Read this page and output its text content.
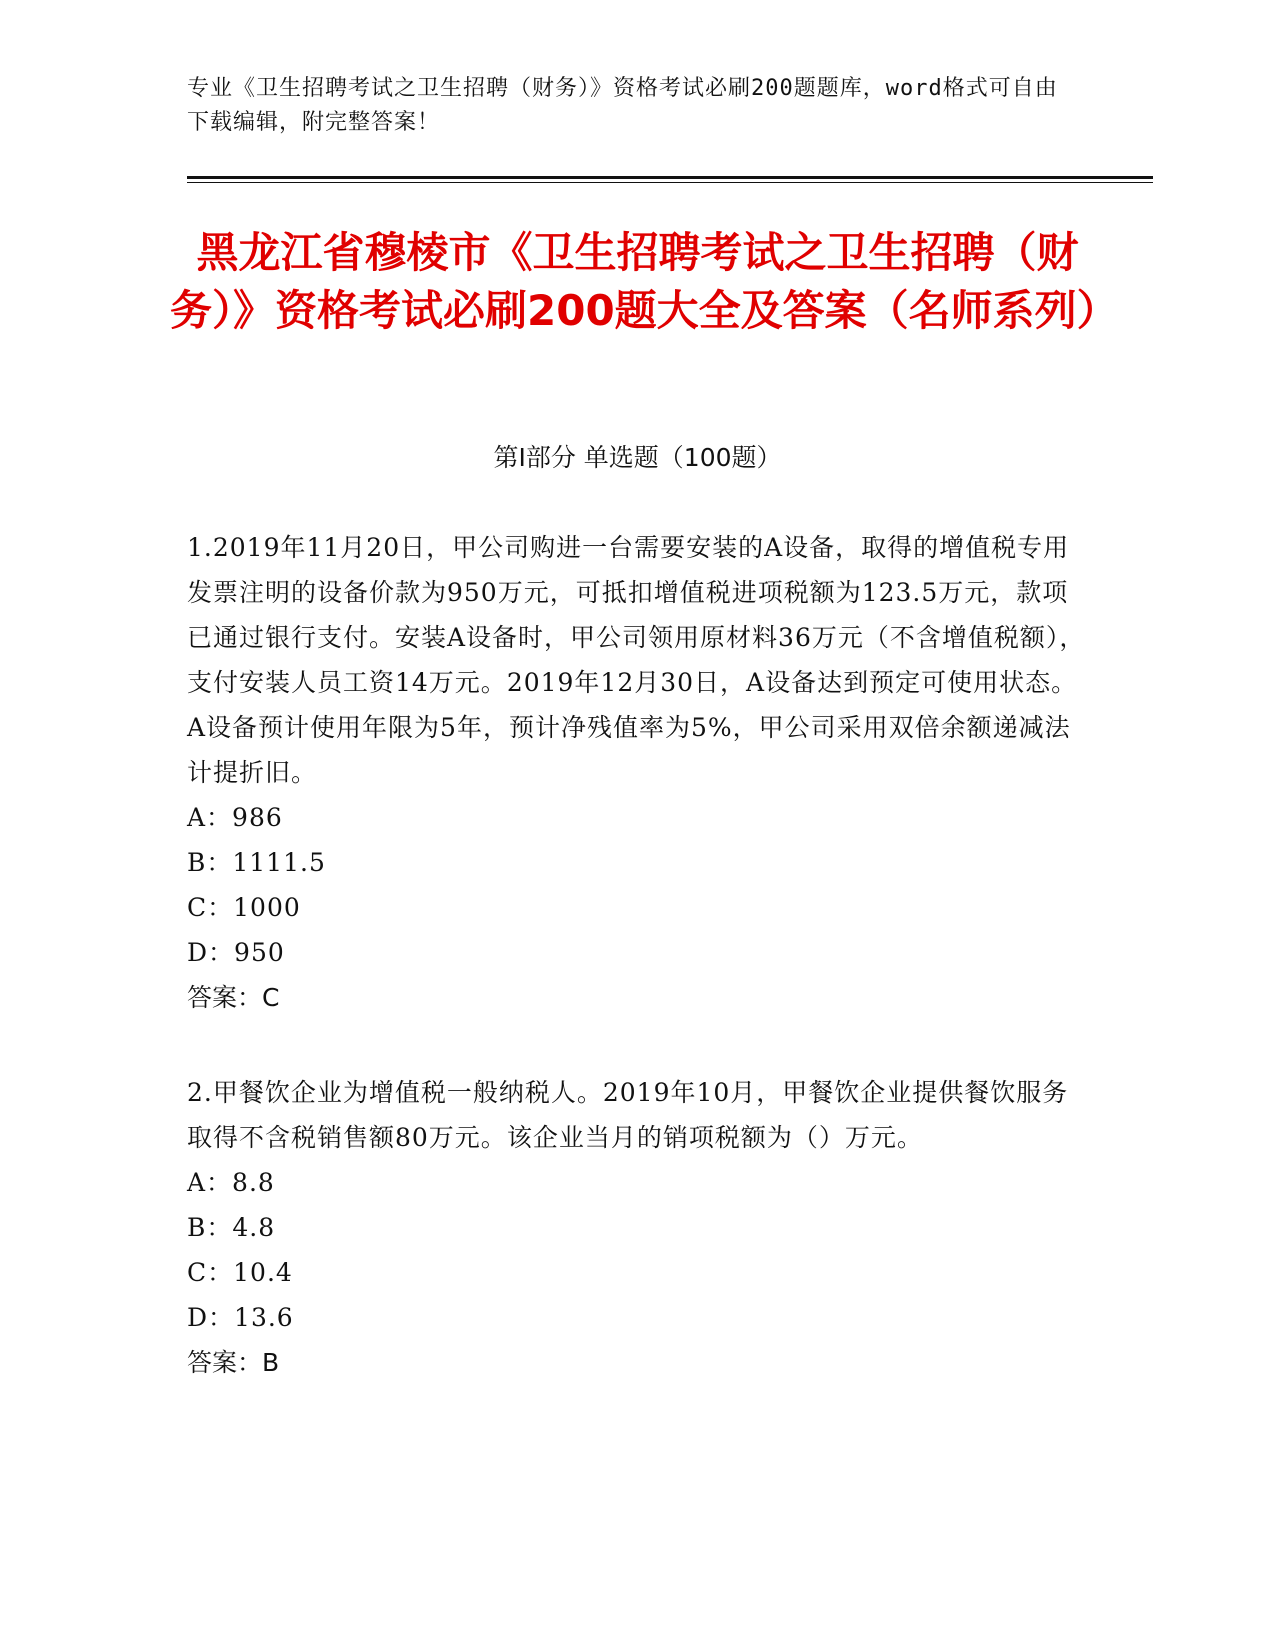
专业《卫生招聘考试之卫生招聘（财务）》资格考试必刷200题题库，word格式可自由下载编辑，附完整答案！
黑龙江省穆棱市《卫生招聘考试之卫生招聘（财务）》资格考试必刷200题大全及答案（名师系列）
第Ⅰ部分 单选题（100题）

1.2019年11月20日，甲公司购进一台需要安装的A设备，取得的增值税专用发票注明的设备价款为950万元，可抵扣增值税进项税额为123.5万元，款项已通过银行支付。安装A设备时，甲公司领用原材料36万元（不含增值税额），支付安装人员工资14万元。2019年12月30日，A设备达到预定可使用状态。A设备预计使用年限为5年，预计净残值率为5%，甲公司采用双倍余额递减法计提折旧。

A：986

B：1111.5

C：1000

D：950

答案：C

2.甲餐饮企业为增值税一般纳税人。2019年10月，甲餐饮企业提供餐饮服务取得不含税销售额80万元。该企业当月的销项税额为（）万元。

A：8.8

B：4.8

C：10.4

D：13.6

答案：B
